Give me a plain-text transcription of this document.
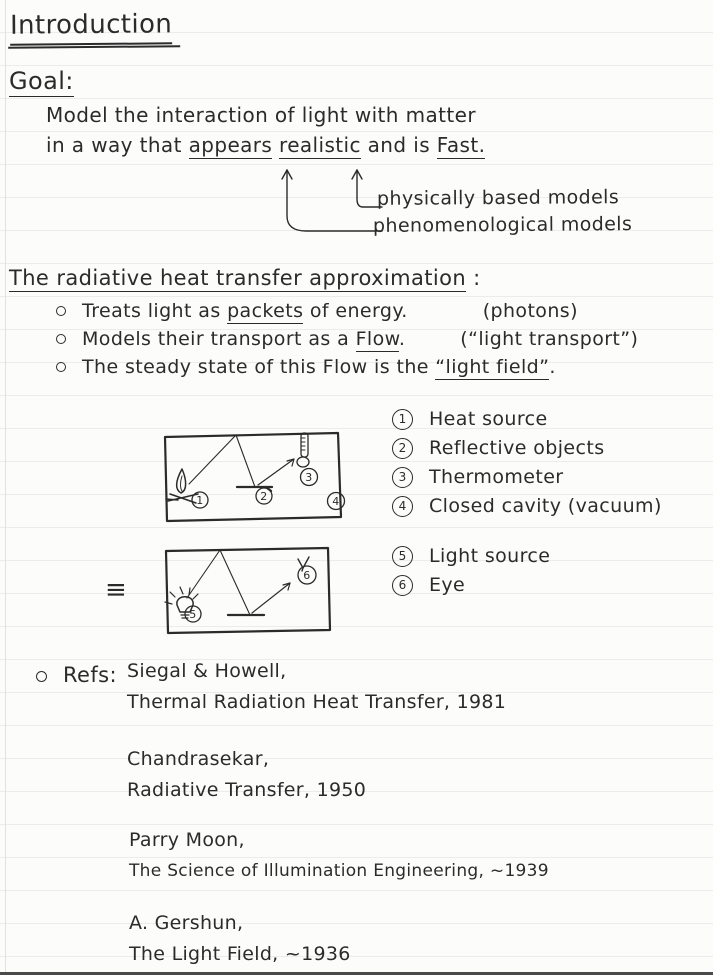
Introduction
Goal:
Model the interaction of light with matter
in a way that appears realistic and is Fast.
physically based models
phenomenological models
The radiative heat transfer approximation :
Treats light as packets of energy.	(photons)
Models their transport as a Flow.	(“light transport”)
The steady state of this Flow is the “light field”.
1	2
3
4
1	Heat source
2	Reflective objects
3	Thermometer
4	Closed cavity (vacuum)
≡
5
6
5	Light source
6	Eye
Refs: Siegal & Howell,
Thermal Radiation Heat Transfer, 1981
Chandrasekar,
Radiative Transfer, 1950
Parry Moon,
The Science of Illumination Engineering, ~1939
A. Gershun,
The Light Field, ~1936
